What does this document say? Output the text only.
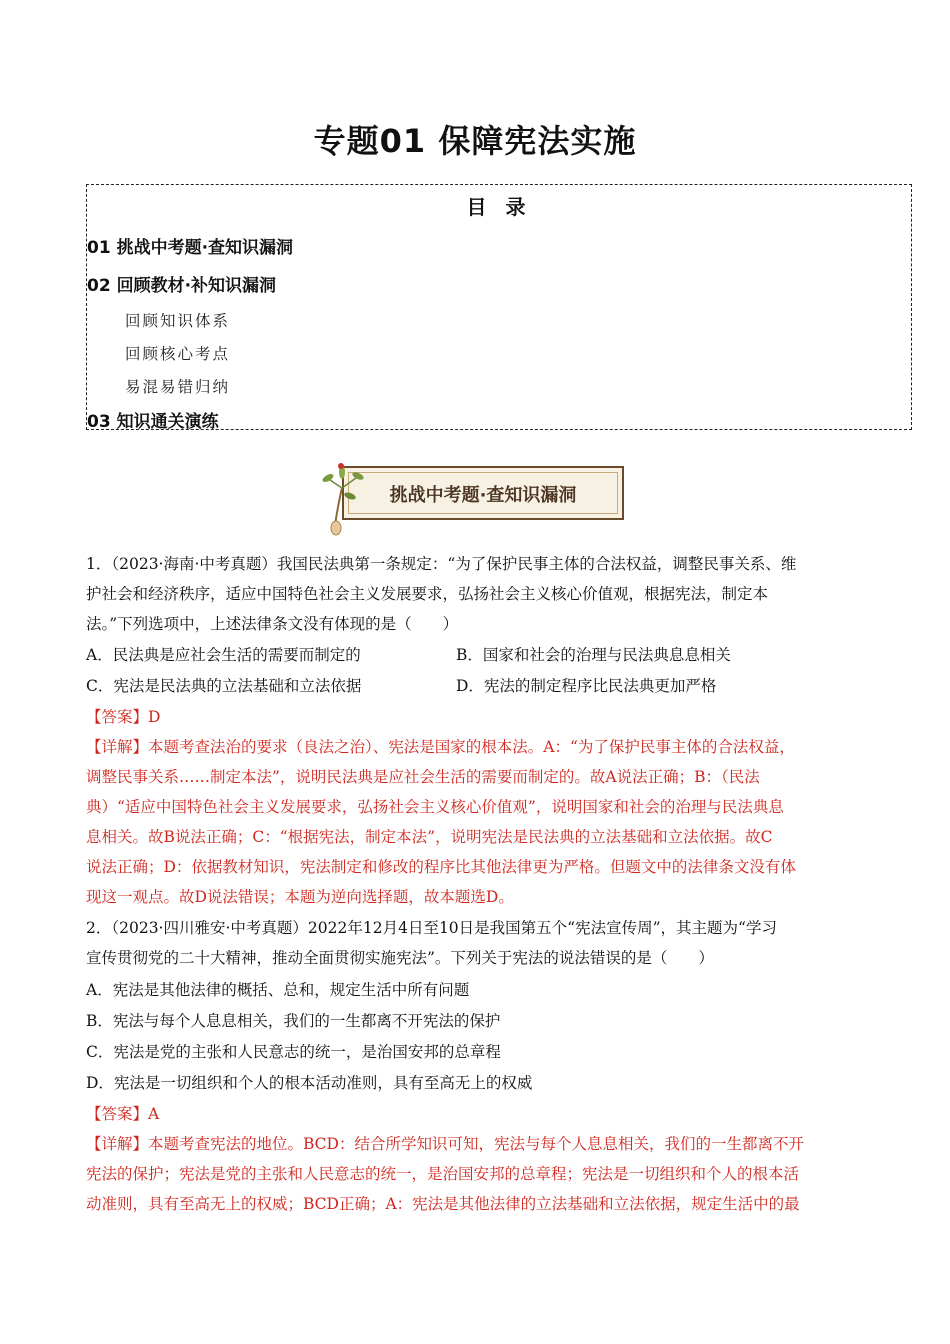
专题01 保障宪法实施
目 录
01 挑战中考题·查知识漏洞
02 回顾教材·补知识漏洞
回顾知识体系
回顾核心考点
易混易错归纳
03 知识通关演练
挑战中考题·查知识漏洞
1．（2023·海南·中考真题）我国民法典第一条规定：“为了保护民事主体的合法权益，调整民事关系、维
护社会和经济秩序，适应中国特色社会主义发展要求，弘扬社会主义核心价值观，根据宪法，制定本
法。”下列选项中，上述法律条文没有体现的是（　　）
A．民法典是应社会生活的需要而制定的	B．国家和社会的治理与民法典息息相关
C．宪法是民法典的立法基础和立法依据	D．宪法的制定程序比民法典更加严格
【答案】D
【详解】本题考查法治的要求（良法之治）、宪法是国家的根本法。A：“为了保护民事主体的合法权益，
调整民事关系……制定本法”，说明民法典是应社会生活的需要而制定的。故A说法正确；B：（民法
典）“适应中国特色社会主义发展要求，弘扬社会主义核心价值观”，说明国家和社会的治理与民法典息
息相关。故B说法正确；C：“根据宪法，制定本法”，说明宪法是民法典的立法基础和立法依据。故C
说法正确；D：依据教材知识，宪法制定和修改的程序比其他法律更为严格。但题文中的法律条文没有体
现这一观点。故D说法错误；本题为逆向选择题，故本题选D。
2．（2023·四川雅安·中考真题）2022年12月4日至10日是我国第五个“宪法宣传周”，其主题为“学习
宣传贯彻党的二十大精神，推动全面贯彻实施宪法”。下列关于宪法的说法错误的是（　　）
A．宪法是其他法律的概括、总和，规定生活中所有问题
B．宪法与每个人息息相关，我们的一生都离不开宪法的保护
C．宪法是党的主张和人民意志的统一，是治国安邦的总章程
D．宪法是一切组织和个人的根本活动准则，具有至高无上的权威
【答案】A
【详解】本题考查宪法的地位。BCD：结合所学知识可知，宪法与每个人息息相关，我们的一生都离不开
宪法的保护；宪法是党的主张和人民意志的统一，是治国安邦的总章程；宪法是一切组织和个人的根本活
动准则，具有至高无上的权威；BCD正确；A：宪法是其他法律的立法基础和立法依据，规定生活中的最
